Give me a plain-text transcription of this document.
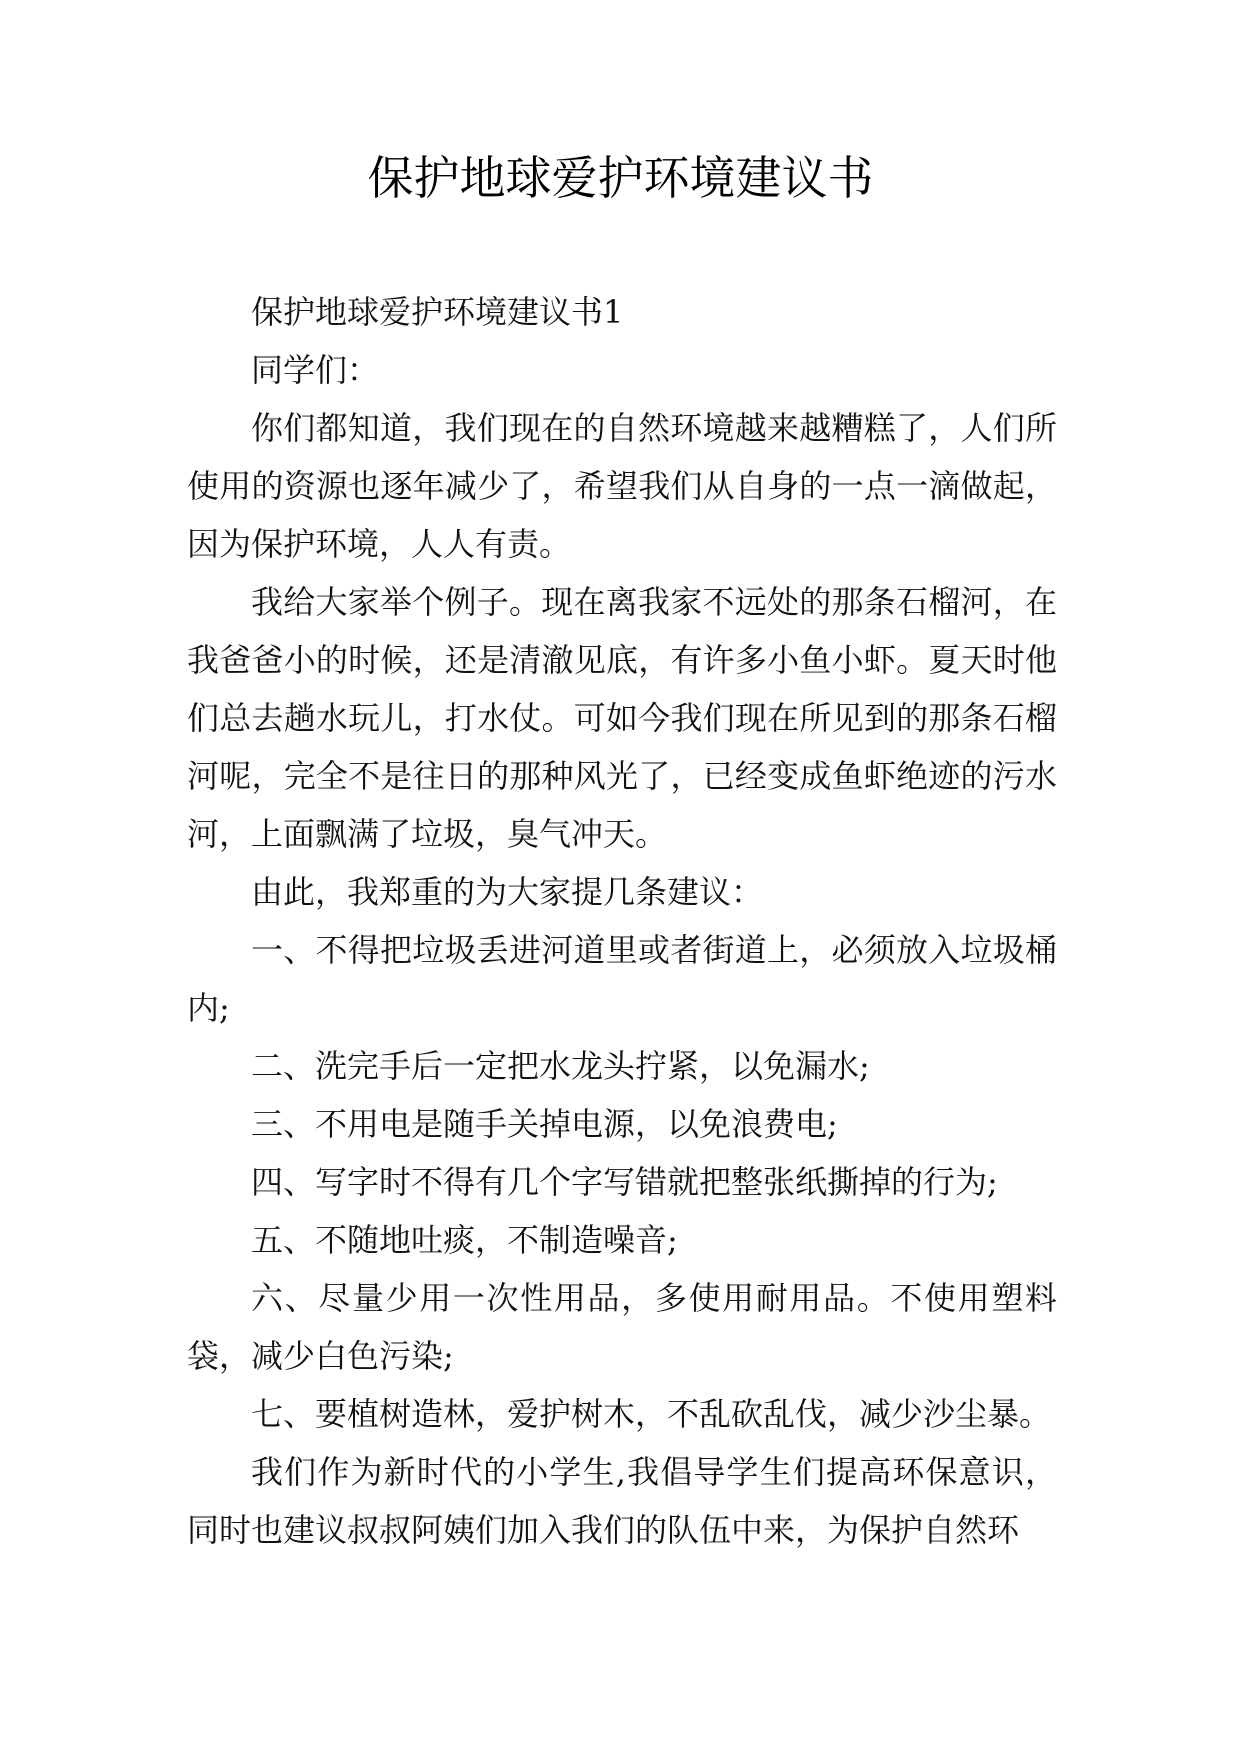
保护地球爱护环境建议书

保护地球爱护环境建议书1

同学们：

你们都知道，我们现在的自然环境越来越糟糕了，人们所使用的资源也逐年减少了，希望我们从自身的一点一滴做起，因为保护环境，人人有责。

我给大家举个例子。现在离我家不远处的那条石榴河，在我爸爸小的时候，还是清澈见底，有许多小鱼小虾。夏天时他们总去趟水玩儿，打水仗。可如今我们现在所见到的那条石榴河呢，完全不是往日的那种风光了，已经变成鱼虾绝迹的污水河，上面飘满了垃圾，臭气冲天。

由此，我郑重的为大家提几条建议：

一、不得把垃圾丢进河道里或者街道上，必须放入垃圾桶内;

二、洗完手后一定把水龙头拧紧，以免漏水;

三、不用电是随手关掉电源，以免浪费电;

四、写字时不得有几个字写错就把整张纸撕掉的行为;

五、不随地吐痰，不制造噪音;

六、尽量少用一次性用品，多使用耐用品。不使用塑料袋，减少白色污染;

七、要植树造林，爱护树木，不乱砍乱伐，减少沙尘暴。

我们作为新时代的小学生,我倡导学生们提高环保意识，同时也建议叔叔阿姨们加入我们的队伍中来，为保护自然环
